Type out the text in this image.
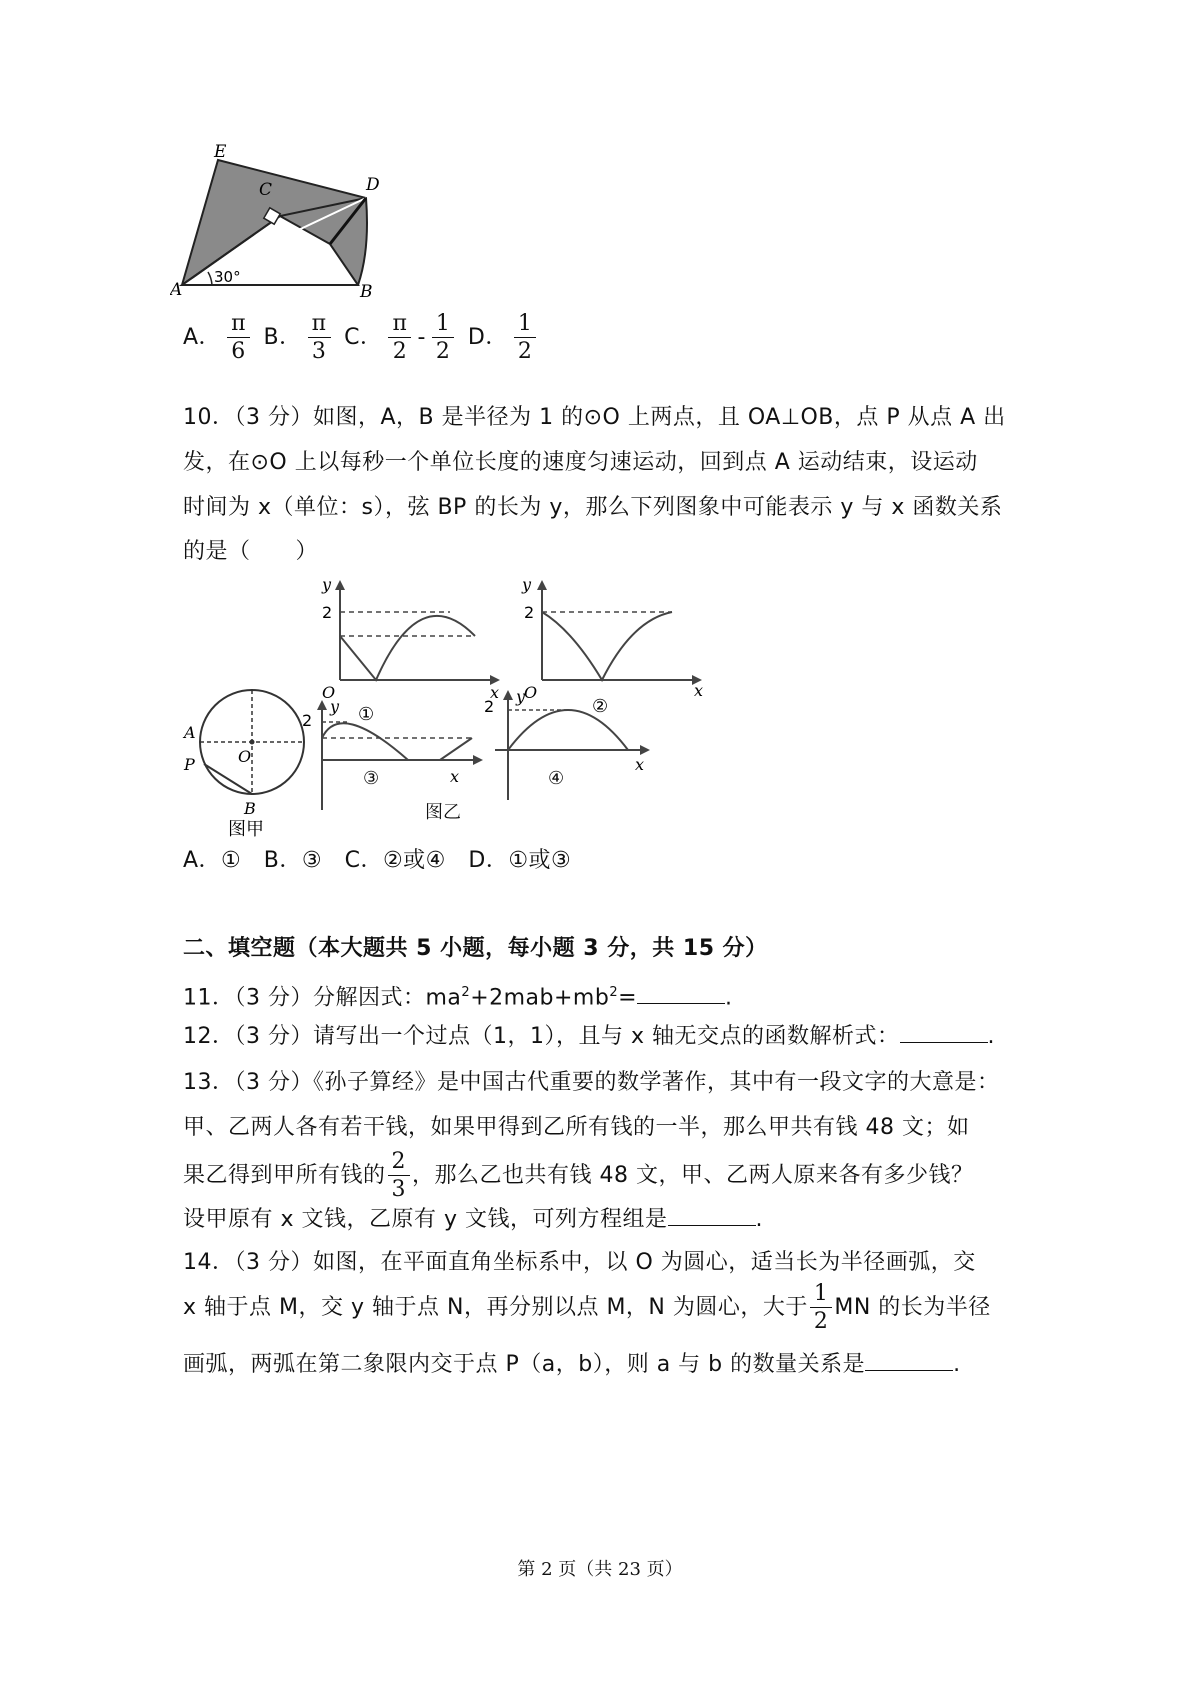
E
C	D
A	B
30°
A． $\frac{\pi}{6}$ B． $\frac{\pi}{3}$ C． $\frac{\pi}{2} - \frac{1}{2}$ D． $\frac{1}{2}$
10．（3 分）如图，A，B 是半径为 1 的⊙O 上两点，且 OA⊥OB，点 P 从点 A 出
发，在⊙O 上以每秒一个单位长度的速度匀速运动，回到点 A 运动结束，设运动
时间为 x（单位：s），弦 BP 的长为 y，那么下列图象中可能表示 y 与 x 函数关系
的是（　　）
y
2
O	x
①
y
2
O	x
②
A
P	O
B
图甲
y
2
x
③
y
2
x
④
图乙
A．①　B．③　C．②或④　D．①或③
二、填空题（本大题共 5 小题，每小题 3 分，共 15 分）
11．（3 分）分解因式：$ma^2+2mab+mb^2=$	.
12．（3 分）请写出一个过点（1，1），且与 x 轴无交点的函数解析式：	.
13．（3 分）《孙子算经》是中国古代重要的数学著作，其中有一段文字的大意是：
甲、乙两人各有若干钱，如果甲得到乙所有钱的一半，那么甲共有钱 48 文；如
果乙得到甲所有钱的 $\frac{2}{3}$ ，那么乙也共有钱 48 文，甲、乙两人原来各有多少钱？
设甲原有 x 文钱，乙原有 y 文钱，可列方程组是	.
14．（3 分）如图，在平面直角坐标系中，以 O 为圆心，适当长为半径画弧，交
x 轴于点 M，交 y 轴于点 N，再分别以点 M，N 为圆心，大于 $\frac{1}{2}$ MN 的长为半径
画弧，两弧在第二象限内交于点 P（a，b），则 a 与 b 的数量关系是	.
第 2 页（共 23 页）
